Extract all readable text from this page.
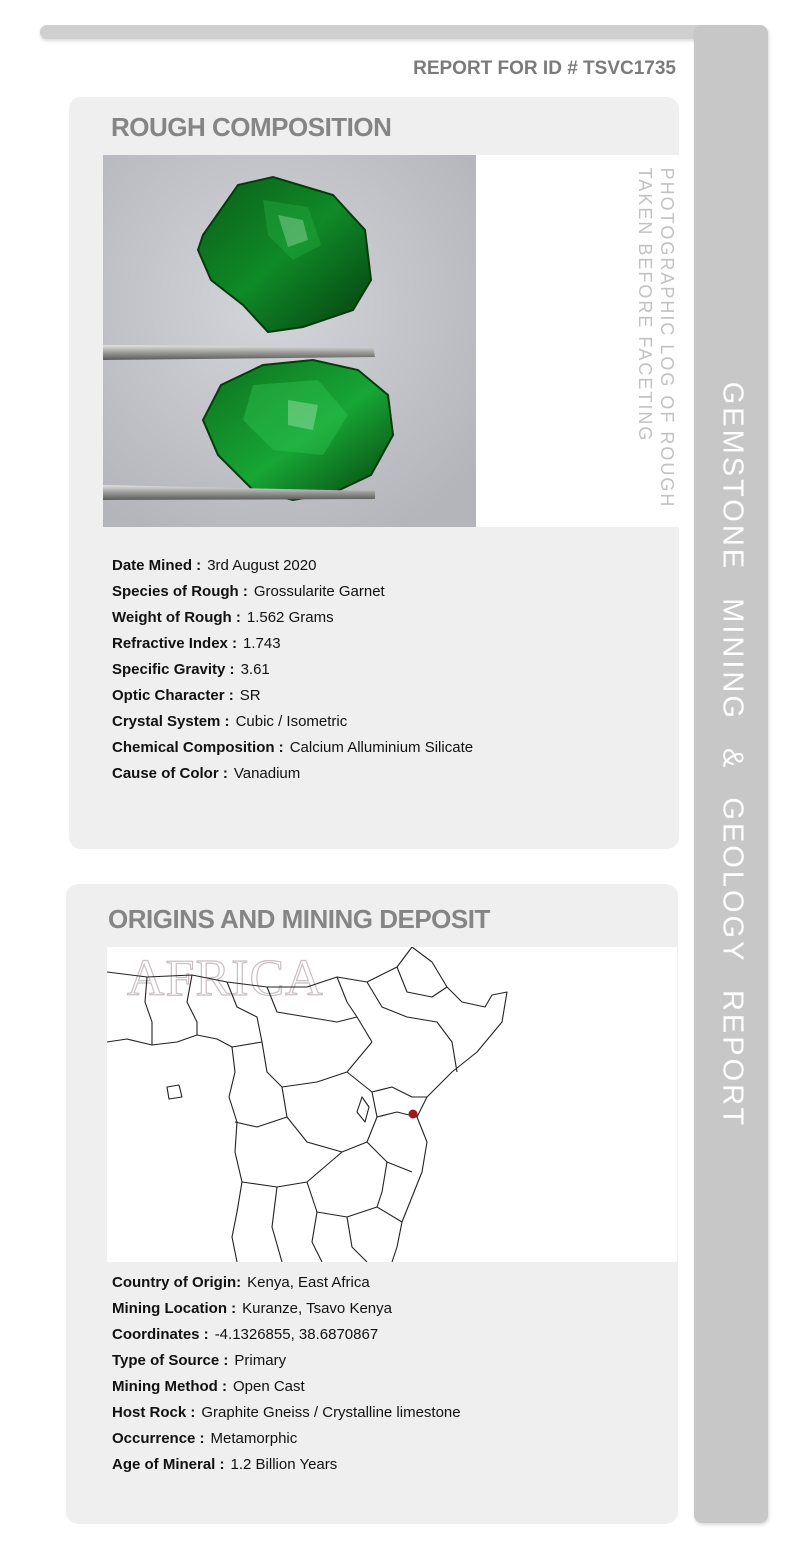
GEMSTONE MINING & GEOLOGY REPORT
REPORT FOR ID # TSVC1735
ROUGH COMPOSITION
PHOTOGRAPHIC LOG OF ROUGH
TAKEN BEFORE FACETING
Date Mined : 3rd August 2020
Species of Rough : Grossularite Garnet
Weight of Rough : 1.562 Grams
Refractive Index : 1.743
Specific Gravity : 3.61
Optic Character : SR
Crystal System : Cubic / Isometric
Chemical Composition : Calcium Alluminium Silicate
Cause of Color : Vanadium
ORIGINS AND MINING DEPOSIT
AFRICA
Country of Origin: Kenya, East Africa
Mining Location : Kuranze, Tsavo Kenya
Coordinates : -4.1326855, 38.6870867
Type of Source : Primary
Mining Method : Open Cast
Host Rock : Graphite Gneiss / Crystalline limestone
Occurrence : Metamorphic
Age of Mineral : 1.2 Billion Years
